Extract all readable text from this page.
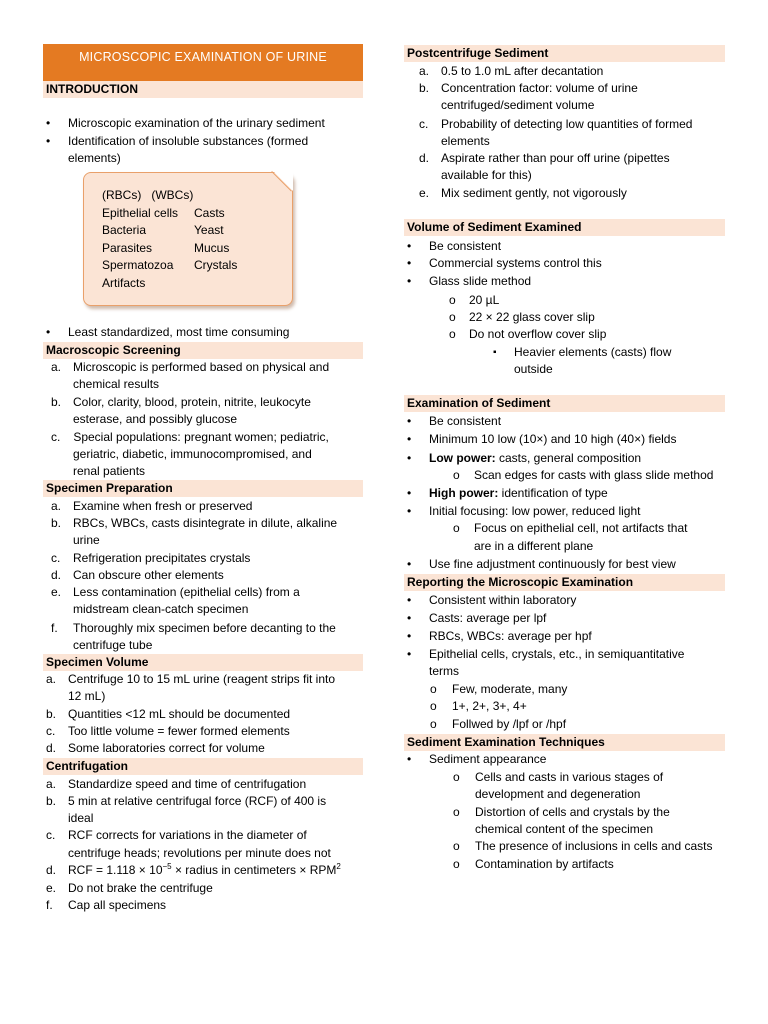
MICROSCOPIC EXAMINATION OF URINE
INTRODUCTION
• Microscopic examination of the urinary sediment
• Identification of insoluble substances (formed
elements)
(RBCs)   (WBCs)
Epithelial cells
Bacteria
Parasites
Spermatozoa
Artifacts
Casts
Yeast
Mucus
Crystals
• Least standardized, most time consuming
Macroscopic Screening
a. Microscopic is performed based on physical and
chemical results
b. Color, clarity, blood, protein, nitrite, leukocyte
esterase, and possibly glucose
c. Special populations: pregnant women; pediatric,
geriatric, diabetic, immunocompromised, and
renal patients
Specimen Preparation
a. Examine when fresh or preserved
b. RBCs, WBCs, casts disintegrate in dilute, alkaline
urine
c. Refrigeration precipitates crystals
d. Can obscure other elements
e. Less contamination (epithelial cells) from a
midstream clean-catch specimen
f. Thoroughly mix specimen before decanting to the
centrifuge tube
Specimen Volume
a. Centrifuge 10 to 15 mL urine (reagent strips fit into
12 mL)
b. Quantities <12 mL should be documented
c. Too little volume = fewer formed elements
d. Some laboratories correct for volume
Centrifugation
a. Standardize speed and time of centrifugation
b. 5 min at relative centrifugal force (RCF) of 400 is
ideal
c. RCF corrects for variations in the diameter of
centrifuge heads; revolutions per minute does not
d. RCF = $1.118 \times 10^{-5}$ × radius in centimeters × $RPM^2$
e. Do not brake the centrifuge
f. Cap all specimens
Postcentrifuge Sediment
a. 0.5 to 1.0 mL after decantation
b. Concentration factor: volume of urine
centrifuged/sediment volume
c. Probability of detecting low quantities of formed
elements
d. Aspirate rather than pour off urine (pipettes
available for this)
e. Mix sediment gently, not vigorously
Volume of Sediment Examined
• Be consistent
• Commercial systems control this
• Glass slide method
o 20 µL
o 22 × 22 glass cover slip
o Do not overflow cover slip
▪ Heavier elements (casts) flow
outside
Examination of Sediment
• Be consistent
• Minimum 10 low (10×) and 10 high (40×) fields
• Low power: casts, general composition
o Scan edges for casts with glass slide method
• High power: identification of type
• Initial focusing: low power, reduced light
o Focus on epithelial cell, not artifacts that
are in a different plane
• Use fine adjustment continuously for best view
Reporting the Microscopic Examination
• Consistent within laboratory
• Casts: average per lpf
• RBCs, WBCs: average per hpf
• Epithelial cells, crystals, etc., in semiquantitative
terms
o Few, moderate, many
o 1+, 2+, 3+, 4+
o Follwed by /lpf or /hpf
Sediment Examination Techniques
• Sediment appearance
o Cells and casts in various stages of
development and degeneration
o Distortion of cells and crystals by the
chemical content of the specimen
o The presence of inclusions in cells and casts
o Contamination by artifacts
